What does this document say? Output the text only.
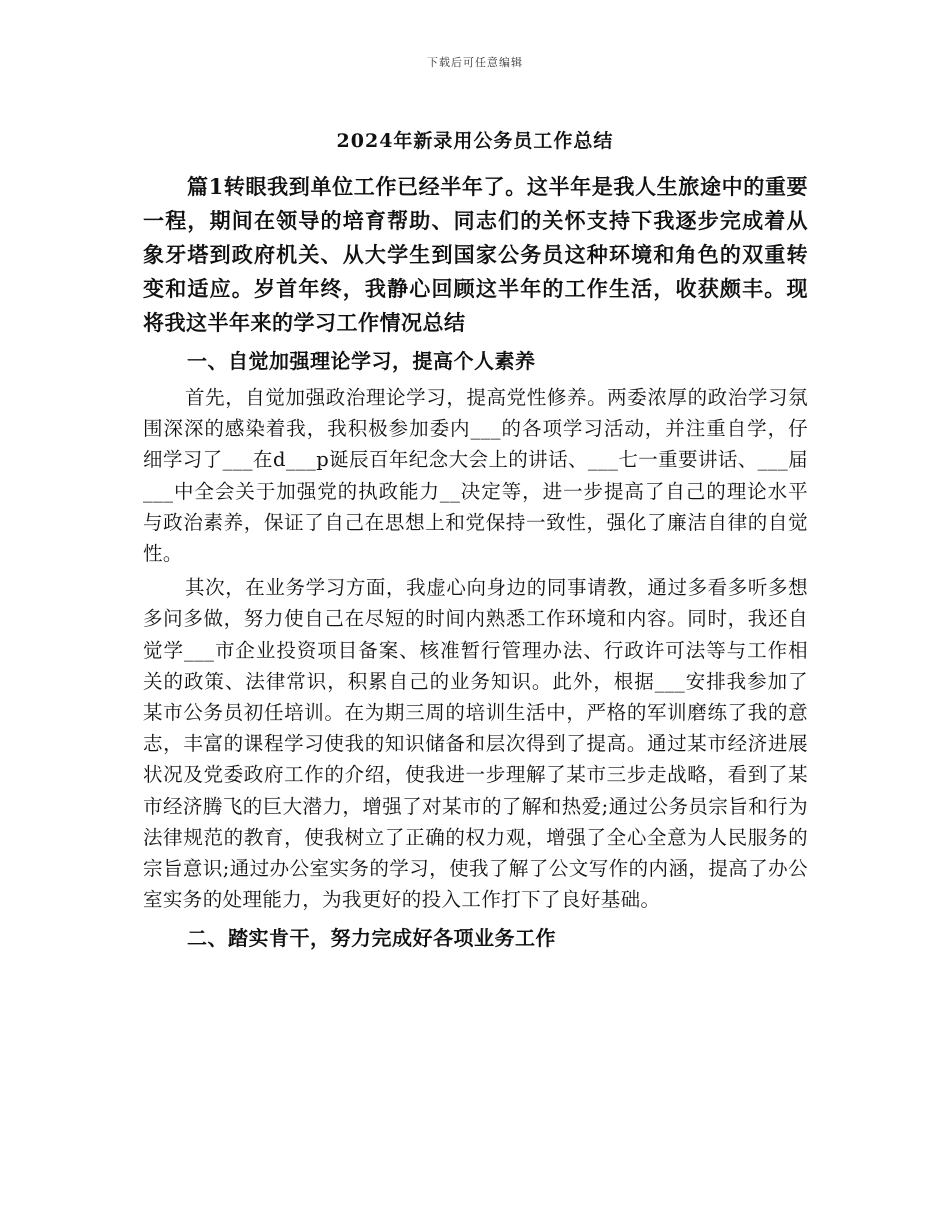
下载后可任意编辑
2024年新录用公务员工作总结

篇1转眼我到单位工作已经半年了。这半年是我人生旅途中的重要一程，期间在领导的培育帮助、同志们的关怀支持下我逐步完成着从象牙塔到政府机关、从大学生到国家公务员这种环境和角色的双重转变和适应。岁首年终，我静心回顾这半年的工作生活，收获颇丰。现将我这半年来的学习工作情况总结

一、自觉加强理论学习，提高个人素养

首先，自觉加强政治理论学习，提高党性修养。两委浓厚的政治学习氛围深深的感染着我，我积极参加委内___的各项学习活动，并注重自学，仔细学习了___在d___p诞辰百年纪念大会上的讲话、___七一重要讲话、___届___中全会关于加强党的执政能力__决定等，进一步提高了自己的理论水平与政治素养，保证了自己在思想上和党保持一致性，强化了廉洁自律的自觉性。

其次，在业务学习方面，我虚心向身边的同事请教，通过多看多听多想多问多做，努力使自己在尽短的时间内熟悉工作环境和内容。同时，我还自觉学___市企业投资项目备案、核准暂行管理办法、行政许可法等与工作相关的政策、法律常识，积累自己的业务知识。此外，根据___安排我参加了某市公务员初任培训。在为期三周的培训生活中，严格的军训磨练了我的意志，丰富的课程学习使我的知识储备和层次得到了提高。通过某市经济进展状况及党委政府工作的介绍，使我进一步理解了某市三步走战略，看到了某市经济腾飞的巨大潜力，增强了对某市的了解和热爱;通过公务员宗旨和行为法律规范的教育，使我树立了正确的权力观，增强了全心全意为人民服务的宗旨意识;通过办公室实务的学习，使我了解了公文写作的内涵，提高了办公室实务的处理能力，为我更好的投入工作打下了良好基础。

二、踏实肯干，努力完成好各项业务工作
